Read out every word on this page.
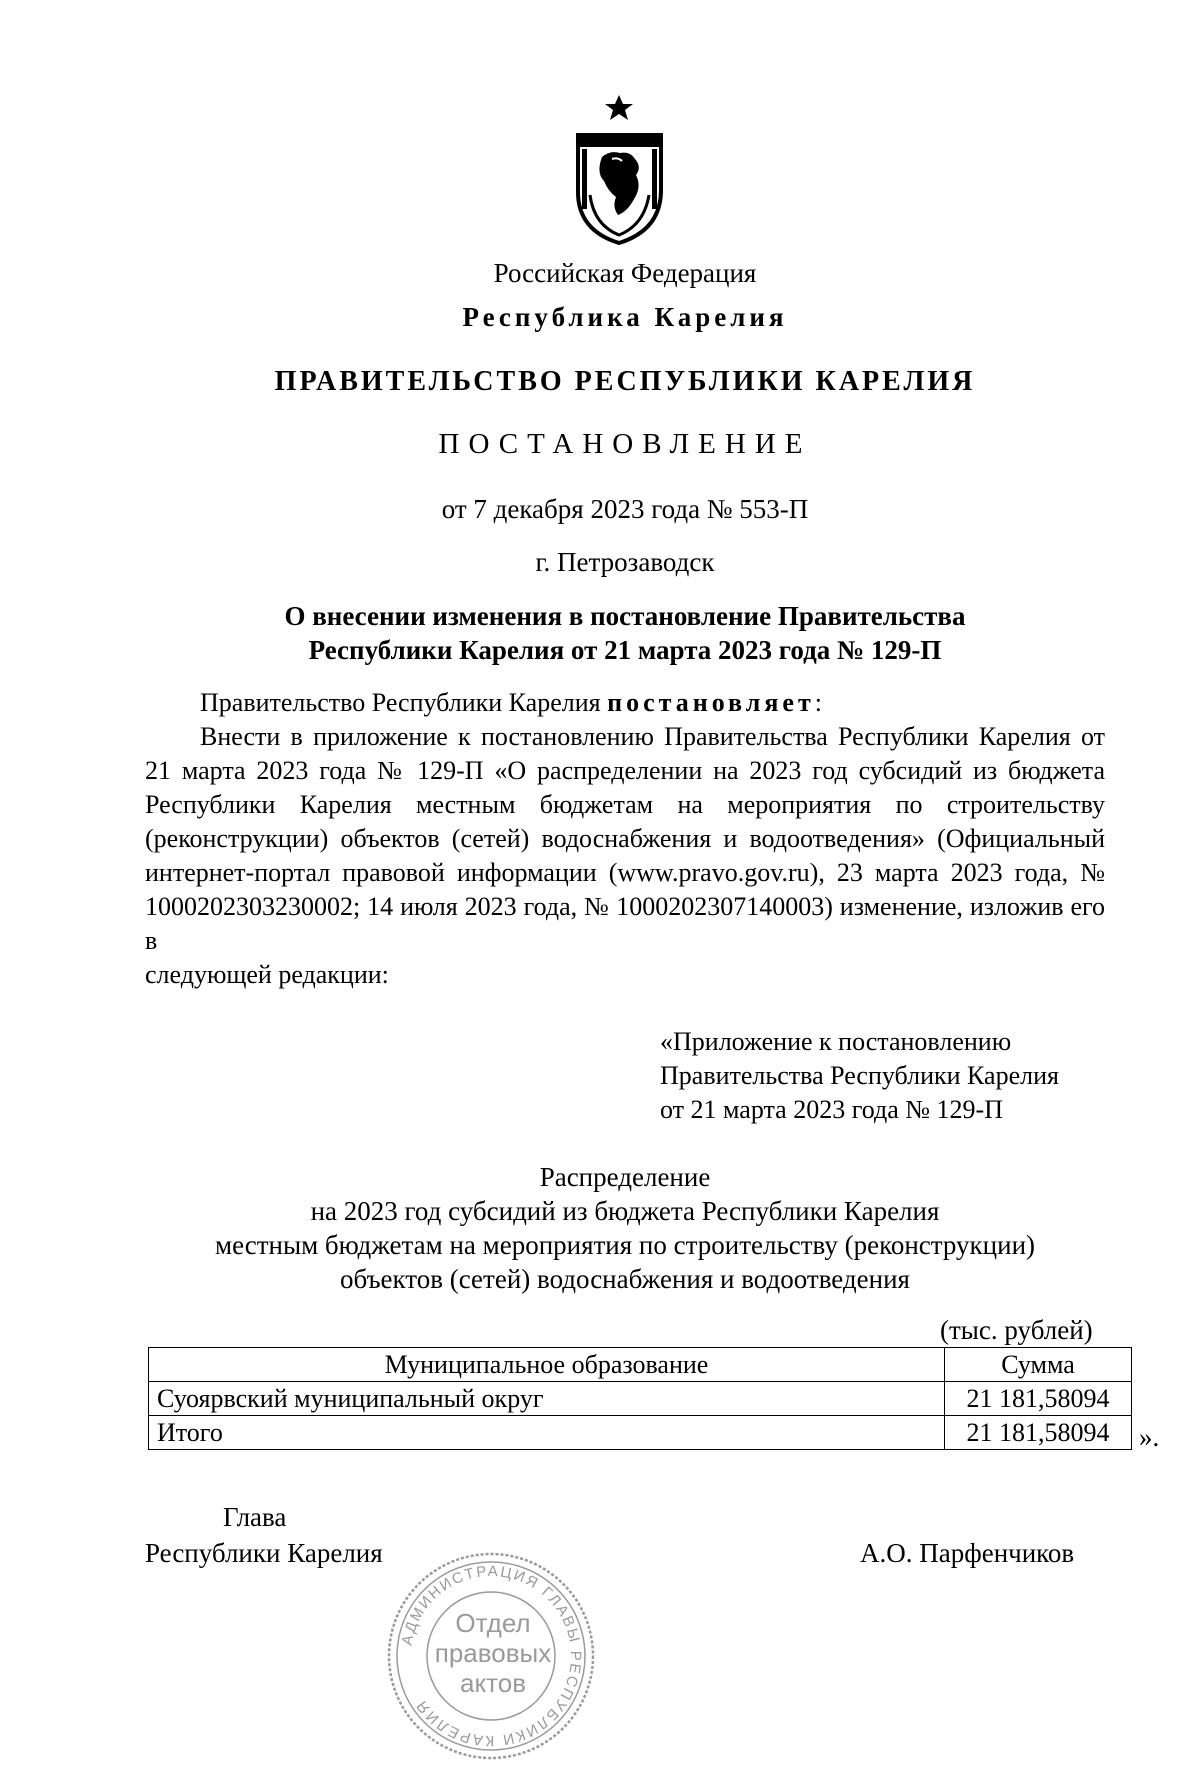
Российская Федерация
Республика Карелия
ПРАВИТЕЛЬСТВО РЕСПУБЛИКИ КАРЕЛИЯ
ПОСТАНОВЛЕНИЕ
от 7 декабря 2023 года № 553-П
г. Петрозаводск
О внесении изменения в постановление Правительства
Республики Карелия от 21 марта 2023 года № 129-П
Правительство Республики Карелия постановляет:
Внести в приложение к постановлению Правительства Республики Карелия от 21 марта 2023 года № 129-П «О распределении на 2023 год субсидий из бюджета Республики Карелия местным бюджетам на мероприятия по строительству (реконструкции) объектов (сетей) водоснабжения и водоотведения» (Официальный интернет-портал правовой информации (www.pravo.gov.ru), 23 марта 2023 года, № 1000202303230002; 14 июля 2023 года, № 1000202307140003) изменение, изложив его в
следующей редакции:
«Приложение к постановлению
Правительства Республики Карелия
от 21 марта 2023 года № 129-П
Распределение
на 2023 год субсидий из бюджета Республики Карелия
местным бюджетам на мероприятия по строительству (реконструкции)
объектов (сетей) водоснабжения и водоотведения
(тыс. рублей)
Муниципальное образование	Сумма
Суоярвский муниципальный округ	21 181,58094
Итого	21 181,58094 ».
Глава
Республики Карелия	А.О. Парфенчиков
АДМИНИСТРАЦИЯ ГЛАВЫ РЕСПУБЛИКИ КАРЕЛИЯ
Отдел
правовых
актов
